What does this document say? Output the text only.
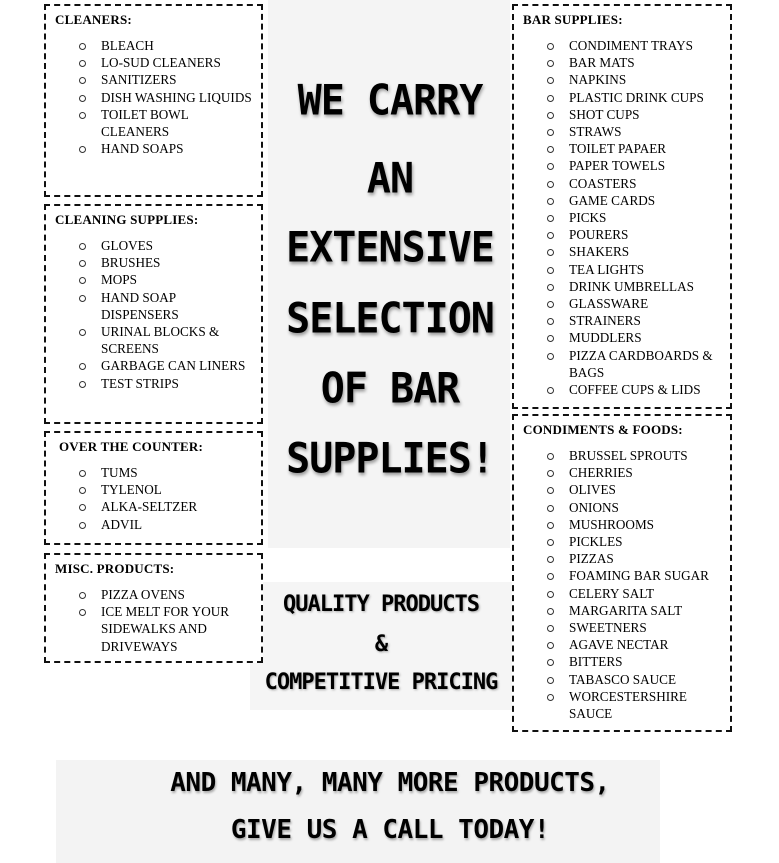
CLEANERS:
BLEACH
LO-SUD CLEANERS
SANITIZERS
DISH WASHING LIQUIDS
TOILET BOWL CLEANERS
HAND SOAPS
CLEANING SUPPLIES:
GLOVES
BRUSHES
MOPS
HAND SOAP DISPENSERS
URINAL BLOCKS & SCREENS
GARBAGE CAN LINERS
TEST STRIPS
OVER THE COUNTER:
TUMS
TYLENOL
ALKA-SELTZER
ADVIL
MISC. PRODUCTS:
PIZZA OVENS
ICE MELT FOR YOUR SIDEWALKS AND DRIVEWAYS
BAR SUPPLIES:
CONDIMENT TRAYS
BAR MATS
NAPKINS
PLASTIC DRINK CUPS
SHOT CUPS
STRAWS
TOILET PAPAER
PAPER TOWELS
COASTERS
GAME CARDS
PICKS
POURERS
SHAKERS
TEA LIGHTS
DRINK UMBRELLAS
GLASSWARE
STRAINERS
MUDDLERS
PIZZA CARDBOARDS & BAGS
COFFEE CUPS & LIDS
CONDIMENTS & FOODS:
BRUSSEL SPROUTS
CHERRIES
OLIVES
ONIONS
MUSHROOMS
PICKLES
PIZZAS
FOAMING BAR SUGAR
CELERY SALT
MARGARITA SALT
SWEETNERS
AGAVE NECTAR
BITTERS
TABASCO SAUCE
WORCESTERSHIRE SAUCE
WE CARRY
AN
EXTENSIVE
SELECTION
OF BAR
SUPPLIES!
QUALITY PRODUCTS
&
COMPETITIVE PRICING
AND MANY, MANY MORE PRODUCTS,
GIVE US A CALL TODAY!
